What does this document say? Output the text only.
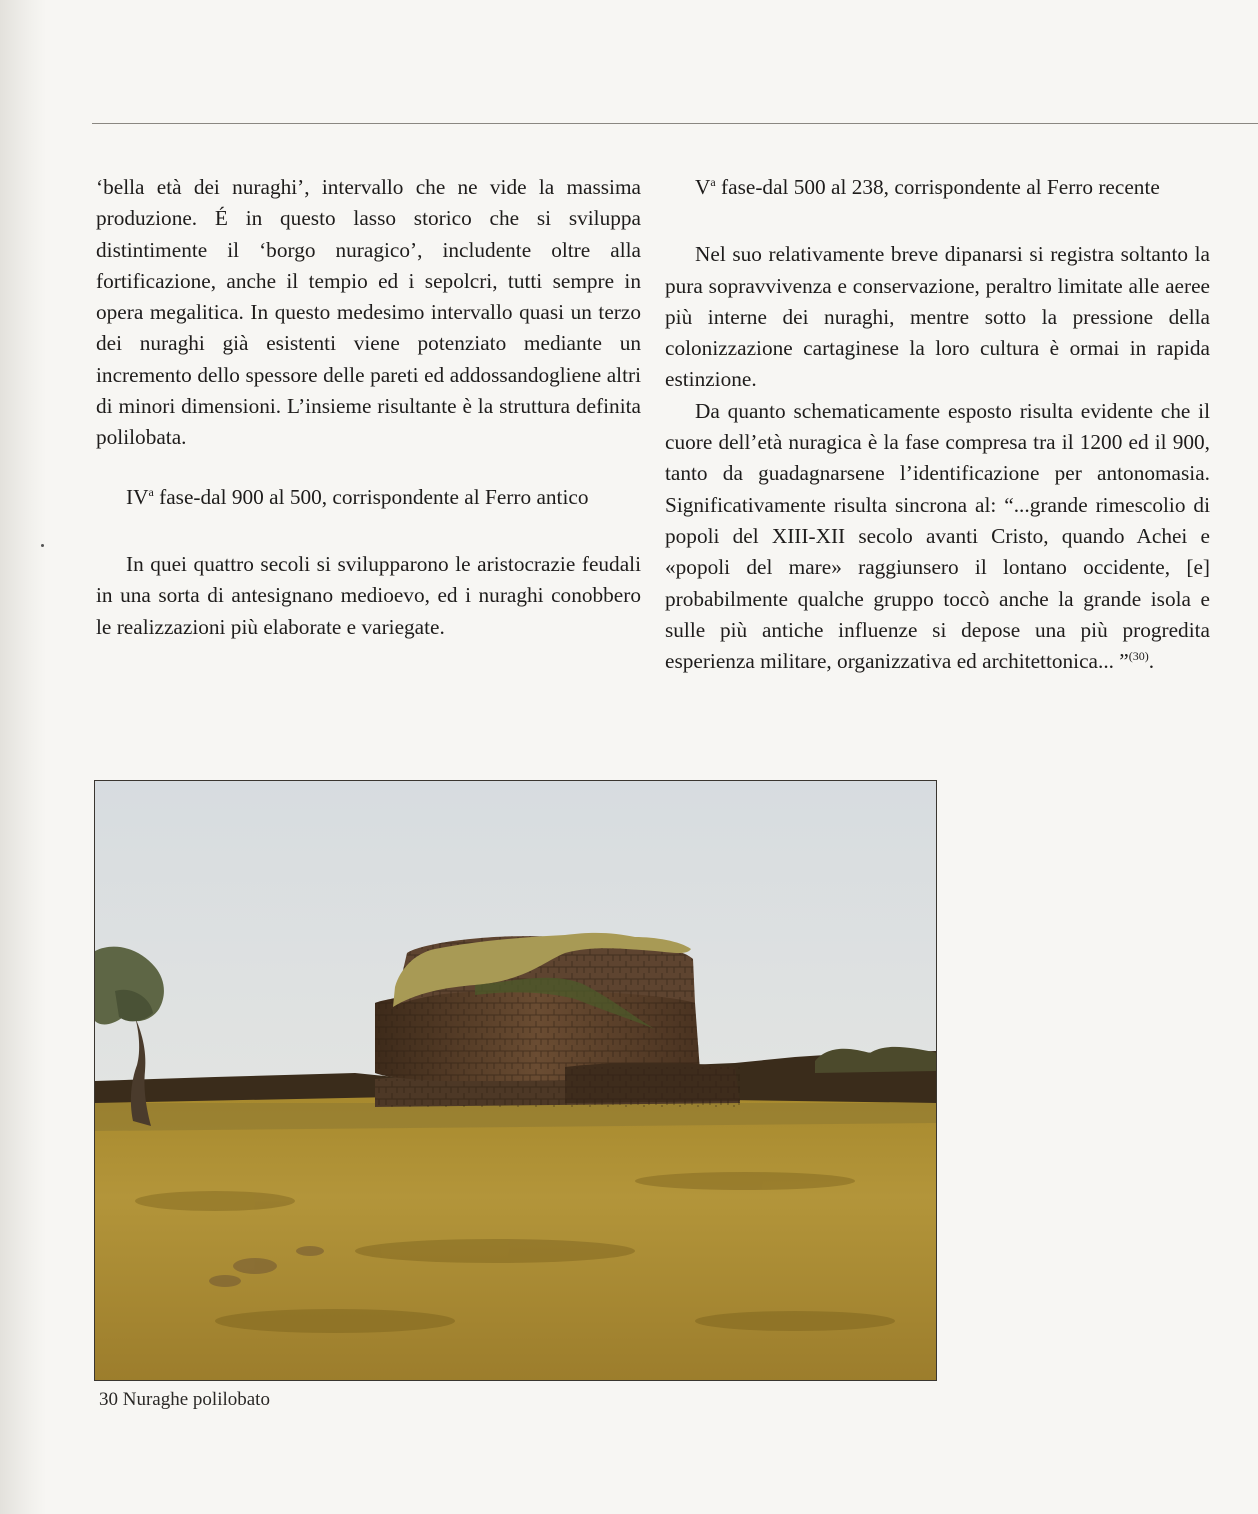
‘bella età dei nuraghi’, intervallo che ne vide la massima produzione. É in questo lasso storico che si sviluppa distintimente il ‘borgo nuragico’, includente oltre alla fortificazione, anche il tempio ed i sepolcri, tutti sempre in opera megalitica. In questo medesimo intervallo quasi un terzo dei nuraghi già esistenti viene potenziato mediante un incremento dello spessore delle pareti ed addossandogliene altri di minori dimensioni. L’insieme risultante è la struttura definita polilobata.

$IV^a$ fase-dal 900 al 500, corrispondente al Ferro antico

In quei quattro secoli si svilupparono le aristocrazie feudali in una sorta di antesignano medioevo, ed i nuraghi conobbero le realizzazioni più elaborate e variegate.

$V^a$ fase-dal 500 al 238, corrispondente al Ferro recente

Nel suo relativamente breve dipanarsi si registra soltanto la pura sopravvivenza e conservazione, peraltro limitate alle aeree più interne dei nuraghi, mentre sotto la pressione della colonizzazione cartaginese la loro cultura è ormai in rapida estinzione.

Da quanto schematicamente esposto risulta evidente che il cuore dell’età nuragica è la fase compresa tra il 1200 ed il 900, tanto da guadagnarsene l’identificazione per antonomasia. Significativamente risulta sincrona al: “...grande rimescolio di popoli del XIII-XII secolo avanti Cristo, quando Achei e «popoli del mare» raggiunsero il lontano occidente, [e] probabilmente qualche gruppo toccò anche la grande isola e sulle più antiche influenze si depose una più progredita esperienza militare, organizzativa ed architettonica... ”$^{(30)}$.

30 Nuraghe polilobato
